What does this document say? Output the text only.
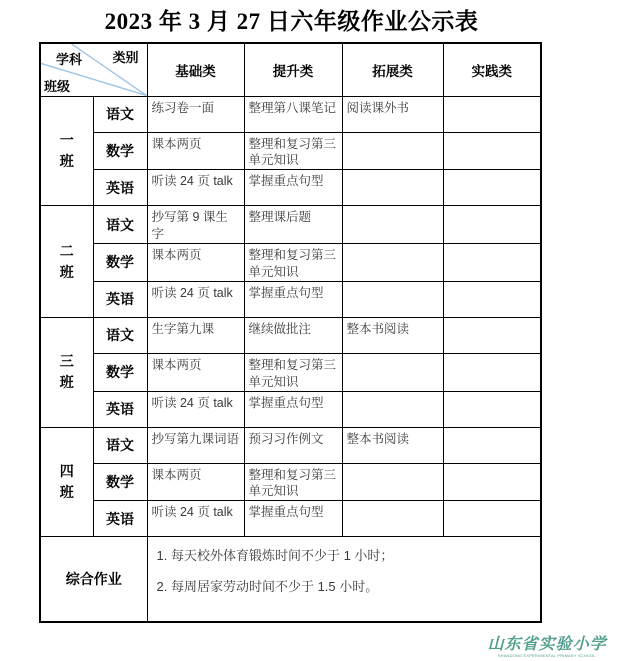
2023 年 3 月 27 日六年级作业公示表
学科 类别
班级		基础类	提升类	拓展类	实践类
一班	语文	练习卷一面	整理第八课笔记	阅读课外书	
	数学	课本两页	整理和复习第三单元知识		
	英语	听读 24 页 talk	掌握重点句型		
二班	语文	抄写第 9 课生字	整理课后题		
	数学	课本两页	整理和复习第三单元知识		
	英语	听读 24 页 talk	掌握重点句型		
三班	语文	生字第九课	继续做批注	整本书阅读	
	数学	课本两页	整理和复习第三单元知识		
	英语	听读 24 页 talk	掌握重点句型		
四班	语文	抄写第九课词语	预习习作例文	整本书阅读	
	数学	课本两页	整理和复习第三单元知识		
	英语	听读 24 页 talk	掌握重点句型		
综合作业		1. 每天校外体育锻炼时间不少于 1 小时；

2. 每周居家劳动时间不少于 1.5 小时。			

山东省实验小学
SHANDONG EXPERIMENTAL PRIMARY SCHOOL
